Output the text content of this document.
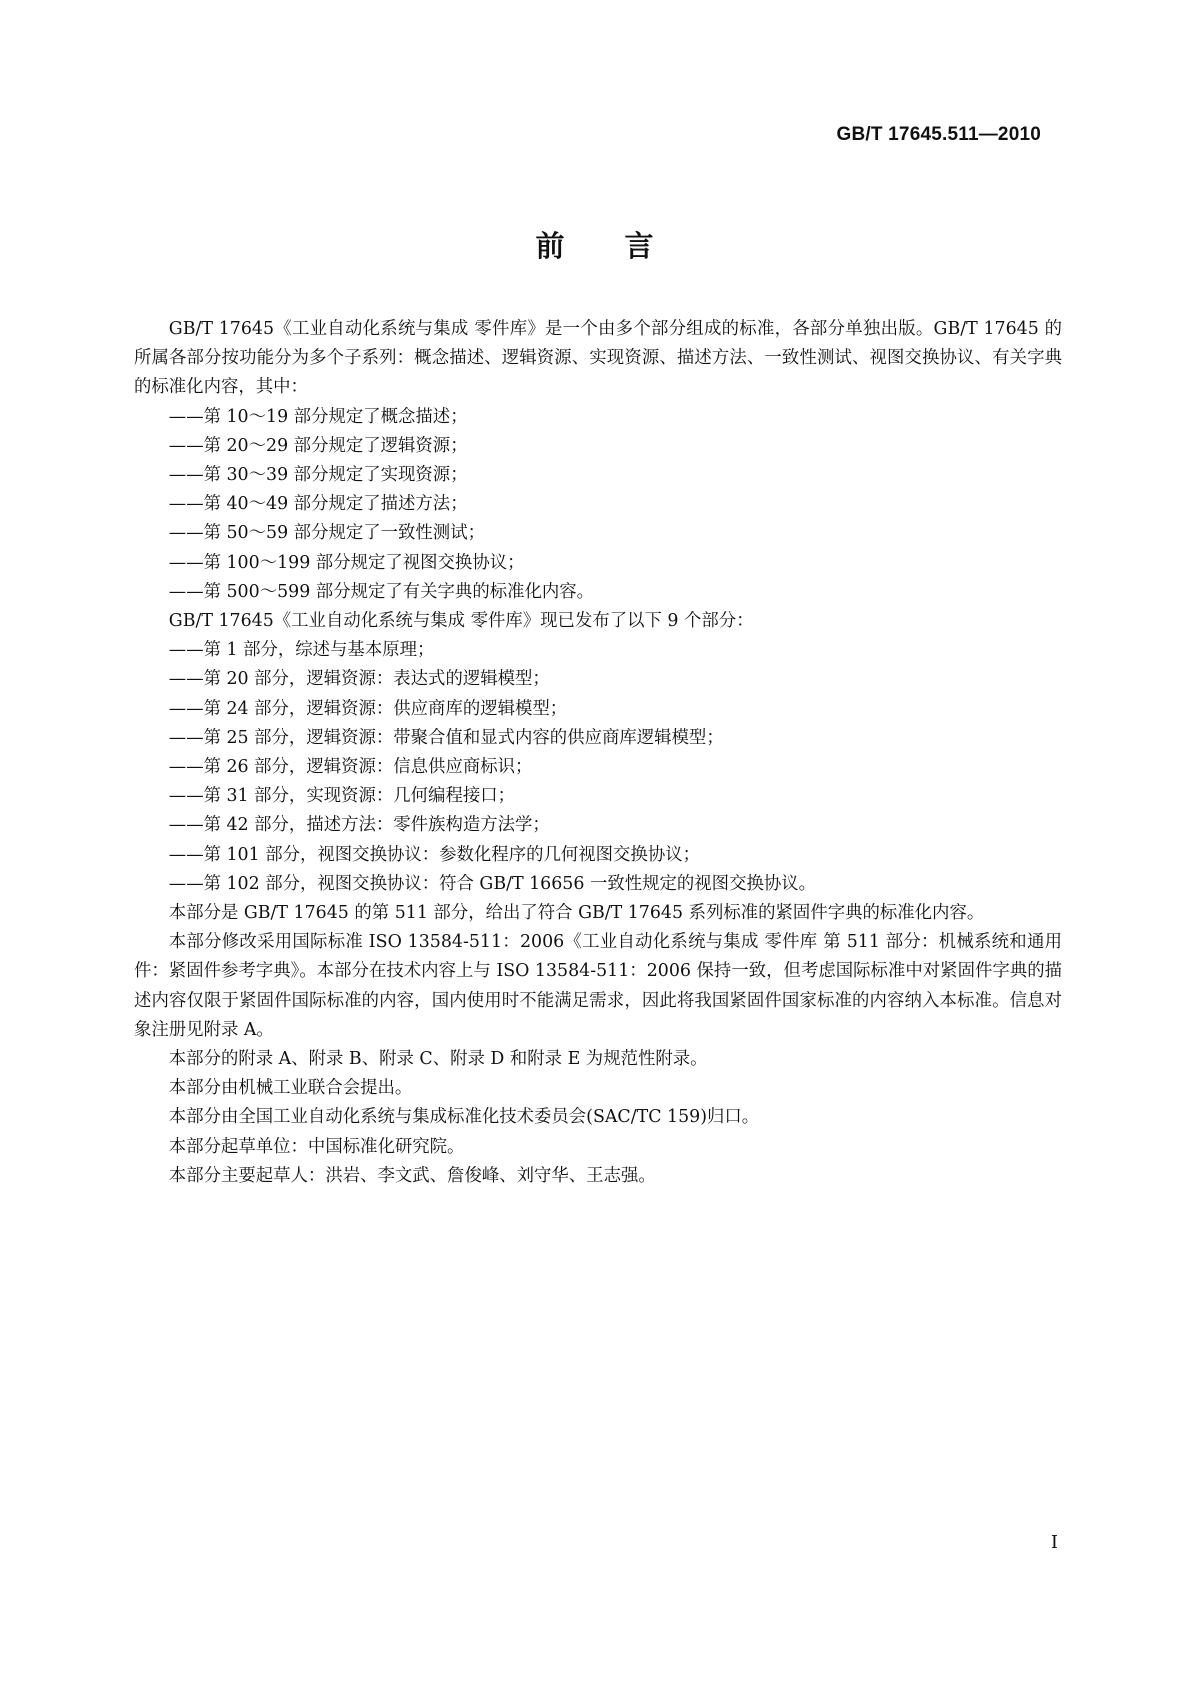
GB/T 17645.511—2010
前 言

GB/T 17645《工业自动化系统与集成 零件库》是一个由多个部分组成的标准，各部分单独出版。GB/T 17645 的所属各部分按功能分为多个子系列：概念描述、逻辑资源、实现资源、描述方法、一致性测试、视图交换协议、有关字典的标准化内容，其中：

——第 10～19 部分规定了概念描述；

——第 20～29 部分规定了逻辑资源；

——第 30～39 部分规定了实现资源；

——第 40～49 部分规定了描述方法；

——第 50～59 部分规定了一致性测试；

——第 100～199 部分规定了视图交换协议；

——第 500～599 部分规定了有关字典的标准化内容。

GB/T 17645《工业自动化系统与集成 零件库》现已发布了以下 9 个部分：

——第 1 部分，综述与基本原理；

——第 20 部分，逻辑资源：表达式的逻辑模型；

——第 24 部分，逻辑资源：供应商库的逻辑模型；

——第 25 部分，逻辑资源：带聚合值和显式内容的供应商库逻辑模型；

——第 26 部分，逻辑资源：信息供应商标识；

——第 31 部分，实现资源：几何编程接口；

——第 42 部分，描述方法：零件族构造方法学；

——第 101 部分，视图交换协议：参数化程序的几何视图交换协议；

——第 102 部分，视图交换协议：符合 GB/T 16656 一致性规定的视图交换协议。

本部分是 GB/T 17645 的第 511 部分，给出了符合 GB/T 17645 系列标准的紧固件字典的标准化内容。

本部分修改采用国际标准 ISO 13584-511：2006《工业自动化系统与集成 零件库 第 511 部分：机械系统和通用件：紧固件参考字典》。本部分在技术内容上与 ISO 13584-511：2006 保持一致，但考虑国际标准中对紧固件字典的描述内容仅限于紧固件国际标准的内容，国内使用时不能满足需求，因此将我国紧固件国家标准的内容纳入本标准。信息对象注册见附录 A。

本部分的附录 A、附录 B、附录 C、附录 D 和附录 E 为规范性附录。

本部分由机械工业联合会提出。

本部分由全国工业自动化系统与集成标准化技术委员会(SAC/TC 159)归口。

本部分起草单位：中国标准化研究院。

本部分主要起草人：洪岩、李文武、詹俊峰、刘守华、王志强。

I
